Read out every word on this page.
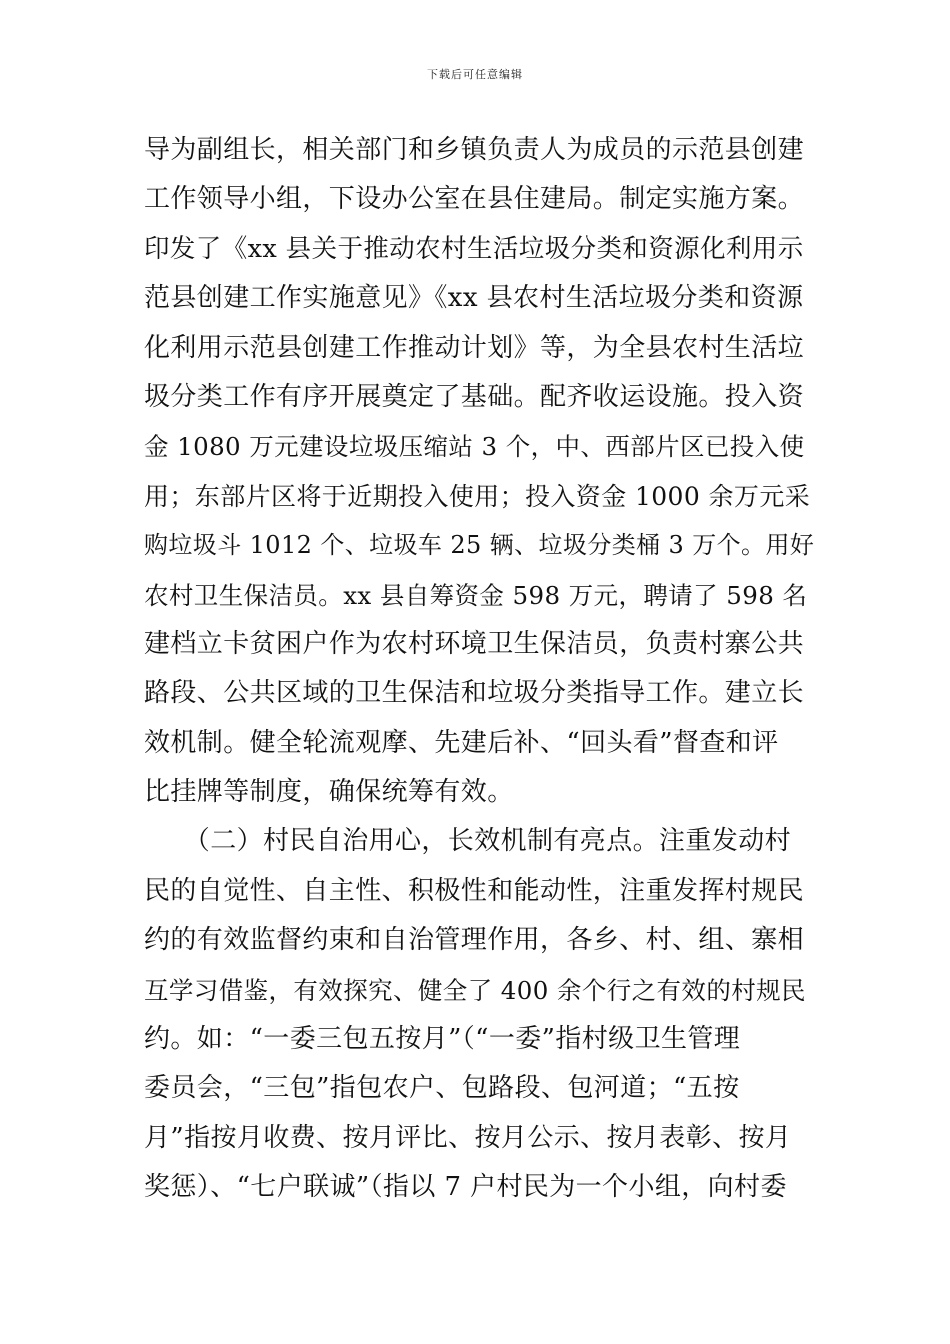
下载后可任意编辑
导为副组长，相关部门和乡镇负责人为成员的示范县创建
工作领导小组，下设办公室在县住建局。制定实施方案。
印发了《xx 县关于推动农村生活垃圾分类和资源化利用示
范县创建工作实施意见》《xx 县农村生活垃圾分类和资源
化利用示范县创建工作推动计划》等，为全县农村生活垃
圾分类工作有序开展奠定了基础。配齐收运设施。投入资
金 1080 万元建设垃圾压缩站 3 个，中、西部片区已投入使
用；东部片区将于近期投入使用；投入资金 1000 余万元采
购垃圾斗 1012 个、垃圾车 25 辆、垃圾分类桶 3 万个。用好
农村卫生保洁员。xx 县自筹资金 598 万元，聘请了 598 名
建档立卡贫困户作为农村环境卫生保洁员，负责村寨公共
路段、公共区域的卫生保洁和垃圾分类指导工作。建立长
效机制。健全轮流观摩、先建后补、“回头看”督查和评
比挂牌等制度，确保统筹有效。
　　（二）村民自治用心，长效机制有亮点。注重发动村
民的自觉性、自主性、积极性和能动性，注重发挥村规民
约的有效监督约束和自治管理作用，各乡、村、组、寨相
互学习借鉴，有效探究、健全了 400 余个行之有效的村规民
约。如：“一委三包五按月”（“一委”指村级卫生管理
委员会，“三包”指包农户、包路段、包河道；“五按
月”指按月收费、按月评比、按月公示、按月表彰、按月
奖惩）、“七户联诚”（指以 7 户村民为一个小组，向村委
